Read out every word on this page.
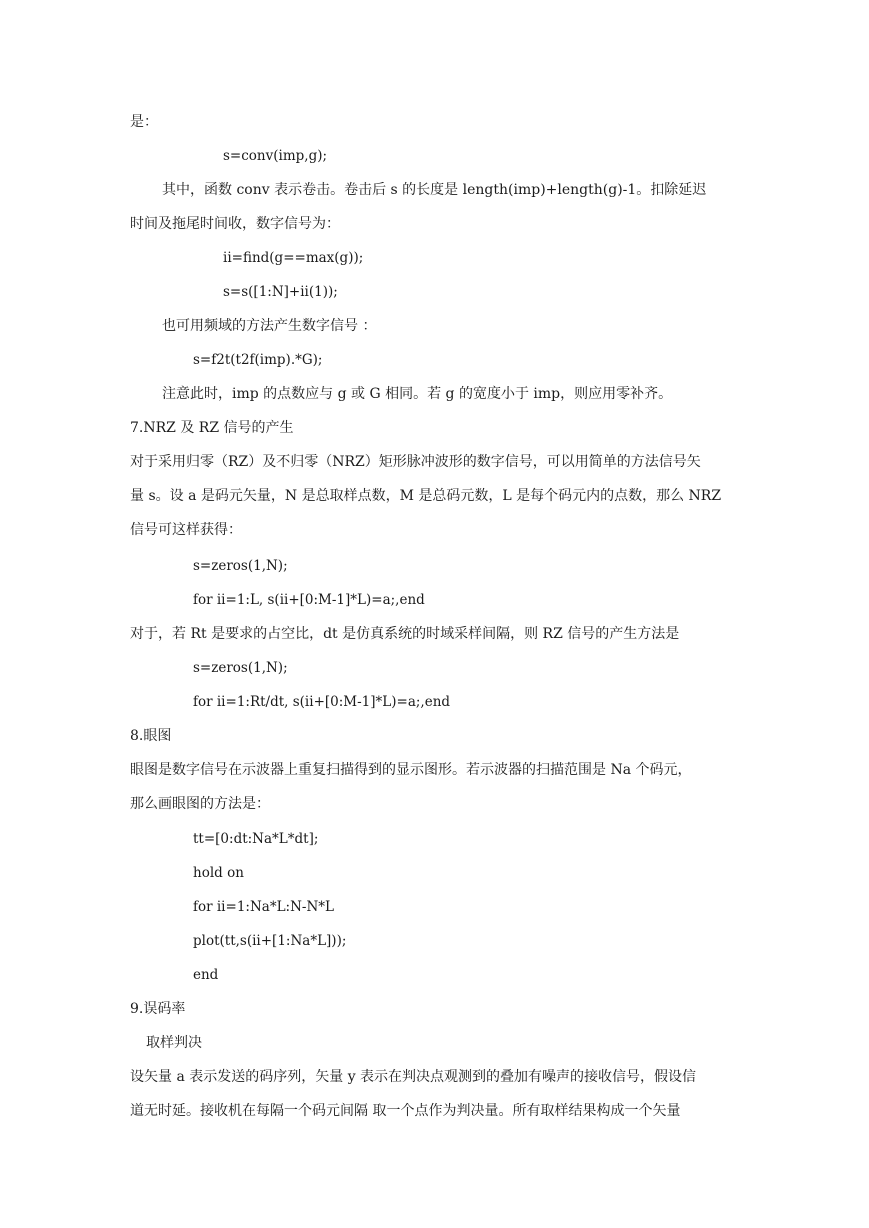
是：
s=conv(imp,g);
其中，函数 conv 表示卷击。卷击后 s 的长度是 length(imp)+length(g)-1。扣除延迟
时间及拖尾时间收，数字信号为：
ii=find(g==max(g));
s=s([1:N]+ii(1));
也可用频域的方法产生数字信号 ：
s=f2t(t2f(imp).*G);
注意此时，imp 的点数应与 g 或 G 相同。若 g 的宽度小于 imp，则应用零补齐。
7.NRZ 及 RZ 信号的产生
对于采用归零（RZ）及不归零（NRZ）矩形脉冲波形的数字信号，可以用简单的方法信号矢
量 s。设 a 是码元矢量，N 是总取样点数，M 是总码元数，L 是每个码元内的点数，那么 NRZ
信号可这样获得：
s=zeros(1,N);
for ii=1:L, s(ii+[0:M-1]*L)=a;,end
对于，若 Rt 是要求的占空比，dt 是仿真系统的时域采样间隔，则 RZ 信号的产生方法是
s=zeros(1,N);
for ii=1:Rt/dt, s(ii+[0:M-1]*L)=a;,end
8.眼图
眼图是数字信号在示波器上重复扫描得到的显示图形。若示波器的扫描范围是 Na 个码元，
那么画眼图的方法是：
tt=[0:dt:Na*L*dt];
hold on
for ii=1:Na*L:N-N*L
plot(tt,s(ii+[1:Na*L]));
end
9.误码率
取样判决
设矢量 a 表示发送的码序列，矢量 y 表示在判决点观测到的叠加有噪声的接收信号，假设信
道无时延。接收机在每隔一个码元间隔 取一个点作为判决量。所有取样结果构成一个矢量
